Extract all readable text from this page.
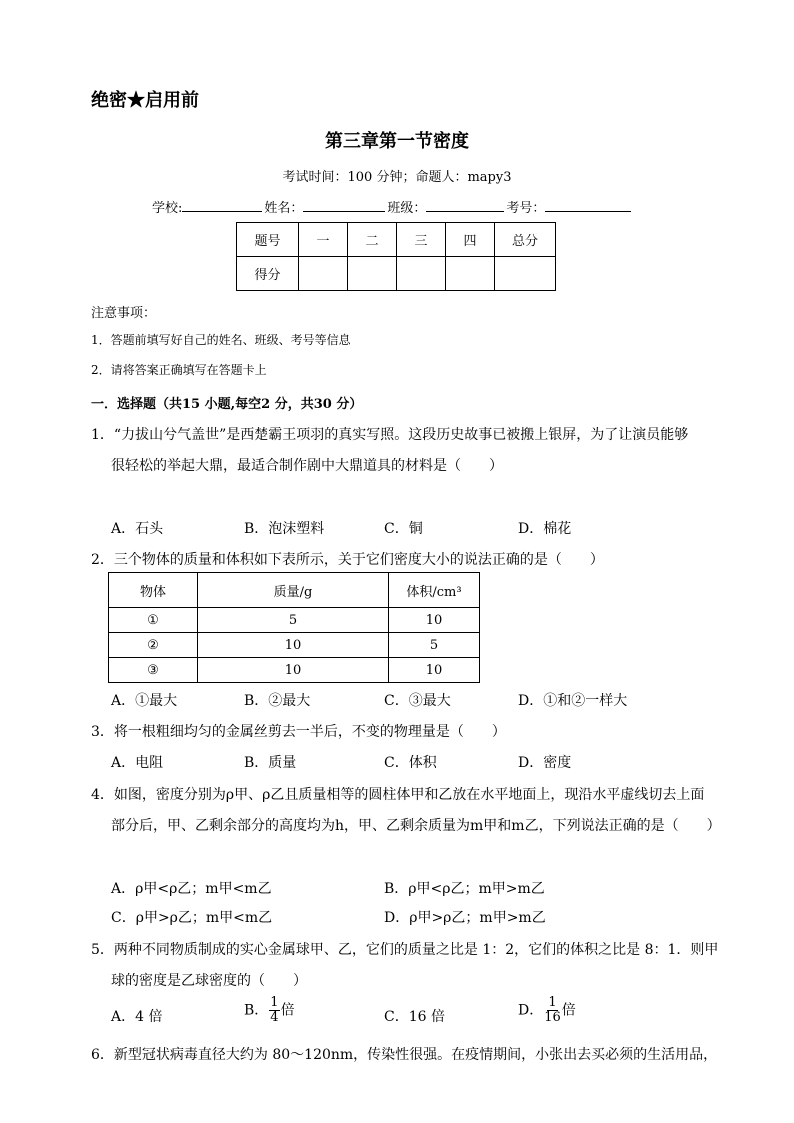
绝密★启用前
第三章第一节密度
考试时间：100 分钟；命题人：mapy3
学校:	姓名：	班级：	考号：
题号	一	二	三	四	总分
得分					
注意事项：
1．答题前填写好自己的姓名、班级、考号等信息
2．请将答案正确填写在答题卡上
一．选择题（共15 小题,每空2 分，共30 分）
1．“力拔山兮气盖世”是西楚霸王项羽的真实写照。这段历史故事已被搬上银屏，为了让演员能够
很轻松的举起大鼎，最适合制作剧中大鼎道具的材料是（　　）
A．石头	B．泡沫塑料	C．铜	D．棉花
2．三个物体的质量和体积如下表所示，关于它们密度大小的说法正确的是（　　）
物体	质量/g	体积/cm³
①	5	10
②	10	5
③	10	10
A．①最大	B．②最大	C．③最大	D．①和②一样大
3．将一根粗细均匀的金属丝剪去一半后，不变的物理量是（　　）
A．电阻	B．质量	C．体积	D．密度
4．如图，密度分别为ρ甲、ρ乙且质量相等的圆柱体甲和乙放在水平地面上，现沿水平虚线切去上面
部分后，甲、乙剩余部分的高度均为h，甲、乙剩余质量为m甲和m乙，下列说法正确的是（　　）
A．ρ甲<ρ乙；m甲<m乙	B．ρ甲<ρ乙；m甲>m乙
C．ρ甲>ρ乙；m甲<m乙	D．ρ甲>ρ乙；m甲>m乙
5．两种不同物质制成的实心金属球甲、乙，它们的质量之比是 1：2，它们的体积之比是 8：1．则甲
球的密度是乙球密度的（　　）
A．4 倍	B． $\frac{1}{4}$ 倍	C．16 倍	D． $\frac{1}{16}$ 倍
6．新型冠状病毒直径大约为 80～120nm，传染性很强。在疫情期间，小张出去买必须的生活用品，
